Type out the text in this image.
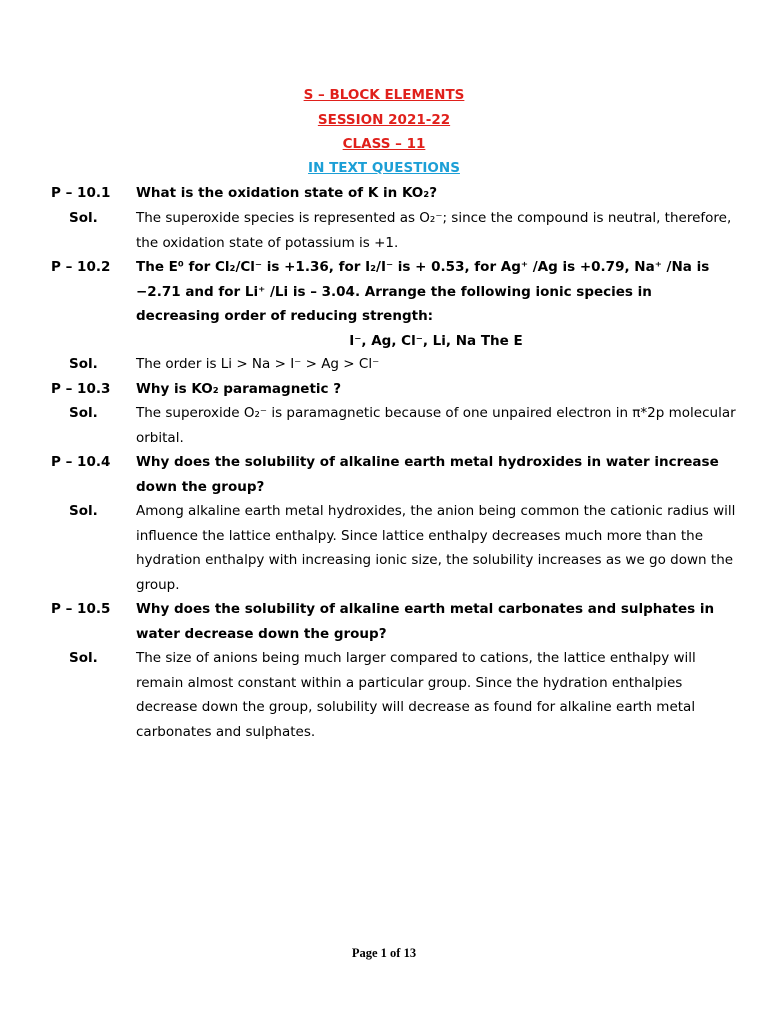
S – BLOCK ELEMENTS
SESSION 2021-22
CLASS – 11
IN TEXT QUESTIONS
P – 10.1 What is the oxidation state of K in KO₂?
Sol.	The superoxide species is represented as O₂⁻; since the compound is neutral, therefore, the oxidation state of potassium is +1.
P – 10.2 The E⁰ for Cl₂/Cl⁻ is +1.36, for I₂/I⁻ is + 0.53, for Ag⁺ /Ag is +0.79, Na⁺ /Na is −2.71 and for Li⁺ /Li is – 3.04. Arrange the following ionic species in decreasing order of reducing strength:
I⁻, Ag, Cl⁻, Li, Na The E
Sol.	The order is Li > Na > I⁻ > Ag > Cl⁻
P – 10.3 Why is KO₂ paramagnetic ?
Sol.	The superoxide O₂⁻ is paramagnetic because of one unpaired electron in π*2p molecular orbital.
P – 10.4 Why does the solubility of alkaline earth metal hydroxides in water increase down the group?
Sol.	Among alkaline earth metal hydroxides, the anion being common the cationic radius will influence the lattice enthalpy. Since lattice enthalpy decreases much more than the hydration enthalpy with increasing ionic size, the solubility increases as we go down the group.
P – 10.5 Why does the solubility of alkaline earth metal carbonates and sulphates in water decrease down the group?
Sol.	The size of anions being much larger compared to cations, the lattice enthalpy will remain almost constant within a particular group. Since the hydration enthalpies decrease down the group, solubility will decrease as found for alkaline earth metal carbonates and sulphates.
Page 1 of 13
